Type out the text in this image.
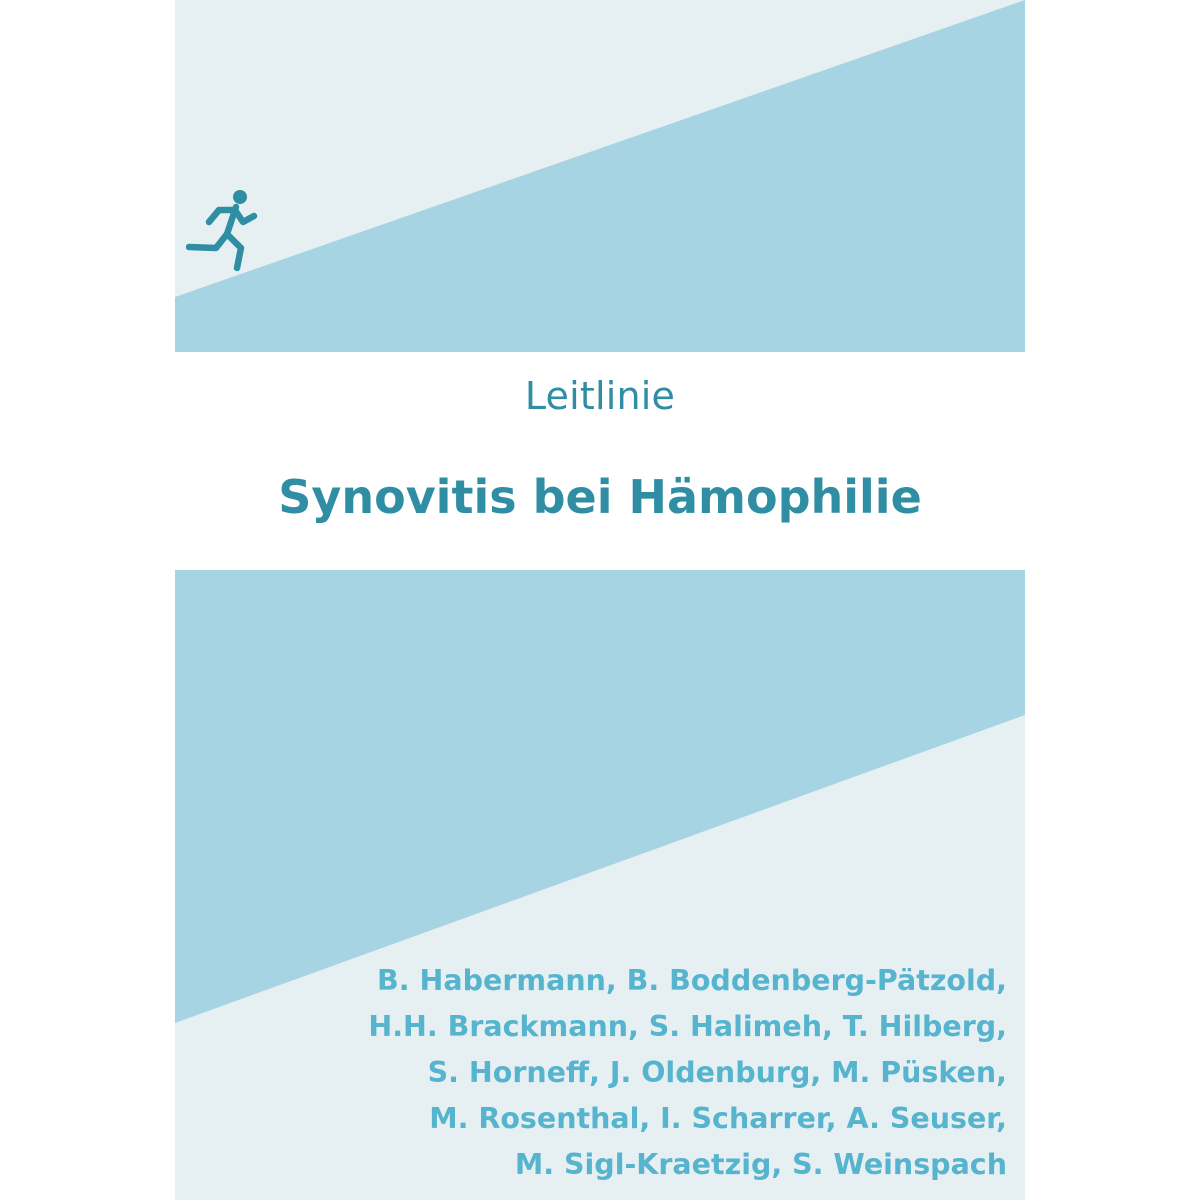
Leitlinie
Synovitis bei Hämophilie
B. Habermann, B. Boddenberg-Pätzold,
H.H. Brackmann, S. Halimeh, T. Hilberg,
S. Horneff, J. Oldenburg, M. Püsken,
M. Rosenthal, I. Scharrer, A. Seuser,
M. Sigl-Kraetzig, S. Weinspach
